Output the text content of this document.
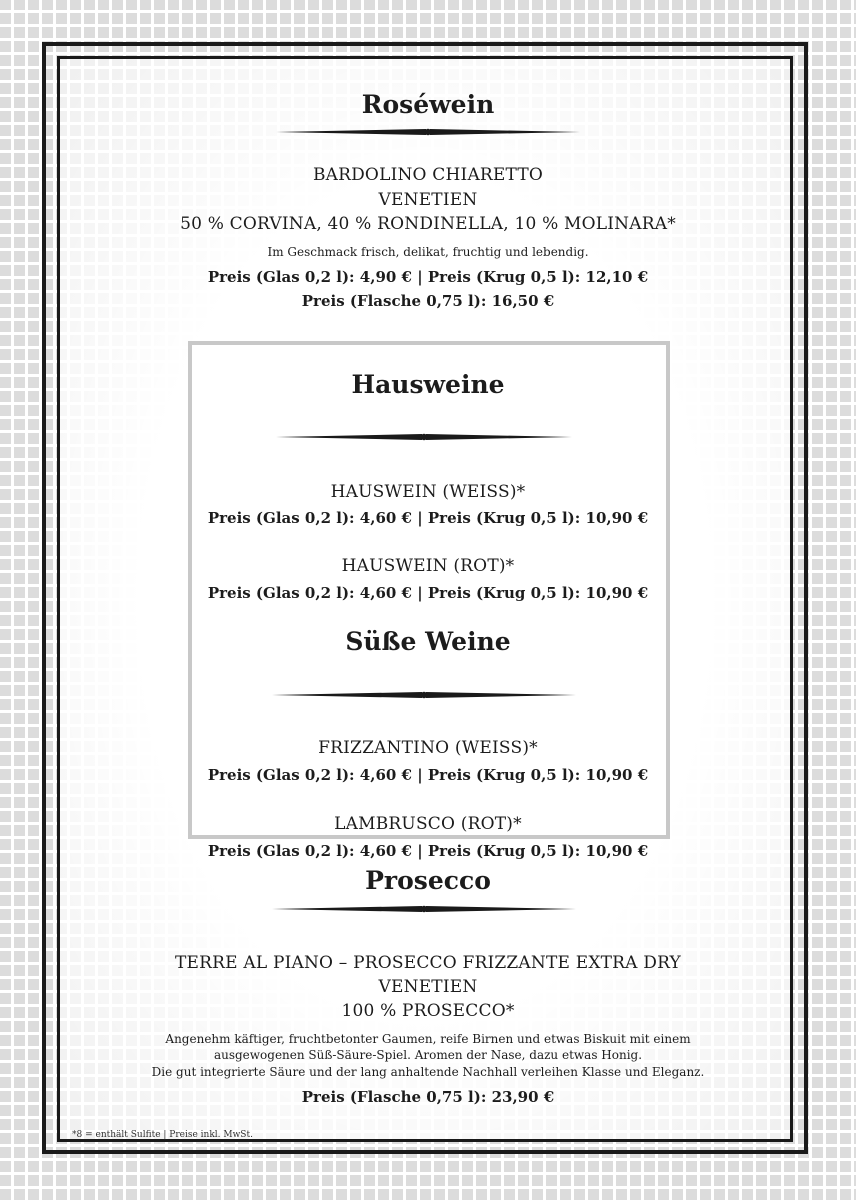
Roséwein
BARDOLINO CHIARETTO
VENETIEN
50 % CORVINA, 40 % RONDINELLA, 10 % MOLINARA*
Im Geschmack frisch, delikat, fruchtig und lebendig.
Preis (Glas 0,2 l): 4,90 € | Preis (Krug 0,5 l): 12,10 €
Preis (Flasche 0,75 l): 16,50 €
Hausweine
HAUSWEIN (WEISS)*
Preis (Glas 0,2 l): 4,60 € | Preis (Krug 0,5 l): 10,90 €
HAUSWEIN (ROT)*
Preis (Glas 0,2 l): 4,60 € | Preis (Krug 0,5 l): 10,90 €
Süße Weine
FRIZZANTINO (WEISS)*
Preis (Glas 0,2 l): 4,60 € | Preis (Krug 0,5 l): 10,90 €
LAMBRUSCO (ROT)*
Preis (Glas 0,2 l): 4,60 € | Preis (Krug 0,5 l): 10,90 €
Prosecco
TERRE AL PIANO – PROSECCO FRIZZANTE EXTRA DRY
VENETIEN
100 % PROSECCO*
Angenehm käftiger, fruchtbetonter Gaumen, reife Birnen und etwas Biskuit mit einem
ausgewogenen Süß-Säure-Spiel. Aromen der Nase, dazu etwas Honig.
Die gut integrierte Säure und der lang anhaltende Nachhall verleihen Klasse und Eleganz.
Preis (Flasche 0,75 l): 23,90 €
*8 = enthält Sulfite | Preise inkl. MwSt.
